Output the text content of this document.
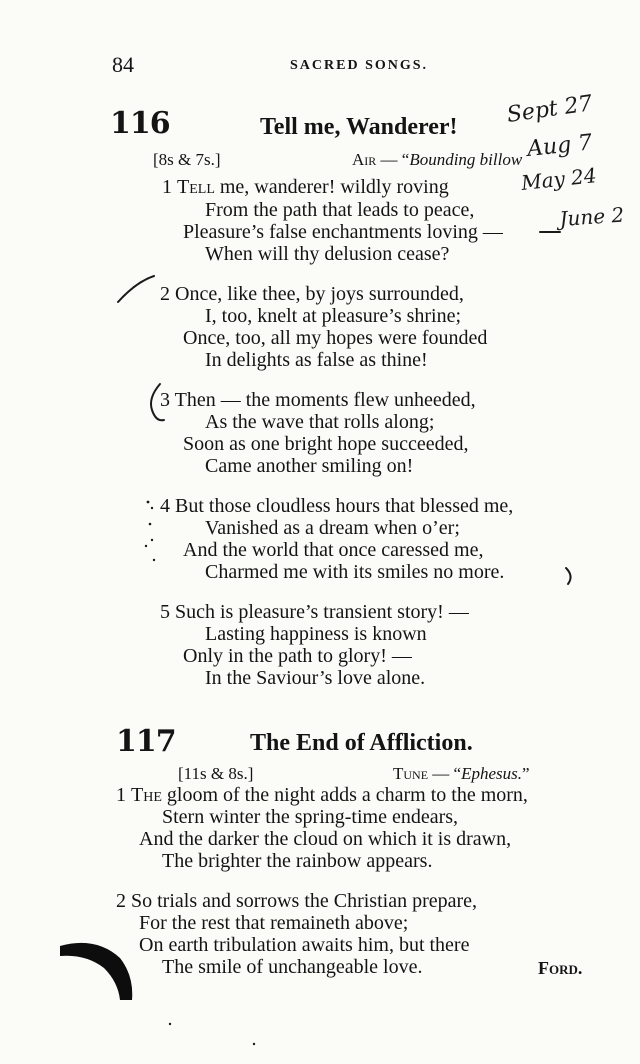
84	SACRED SONGS.
116	Tell me, Wanderer!
[8s & 7s.]	Air — “Bounding billow
1 Tell me, wanderer! wildly roving
From the path that leads to peace,
Pleasure’s false enchantments loving —
When will thy delusion cease?
2 Once, like thee, by joys surrounded,
I, too, knelt at pleasure’s shrine;
Once, too, all my hopes were founded
In delights as false as thine!
3 Then — the moments flew unheeded,
As the wave that rolls along;
Soon as one bright hope succeeded,
Came another smiling on!
4 But those cloudless hours that blessed me,
Vanished as a dream when o’er;
And the world that once caressed me,
Charmed me with its smiles no more.
5 Such is pleasure’s transient story! —
Lasting happiness is known
Only in the path to glory! —
In the Saviour’s love alone.
117	The End of Affliction.
[11s & 8s.]	Tune — “Ephesus.”
1 The gloom of the night adds a charm to the morn,
Stern winter the spring-time endears,
And the darker the cloud on which it is drawn,
The brighter the rainbow appears.
2 So trials and sorrows the Christian prepare,
For the rest that remaineth above;
On earth tribulation awaits him, but there
The smile of unchangeable love.	Ford.
Sept 27
Aug 7
May 24
June 2
